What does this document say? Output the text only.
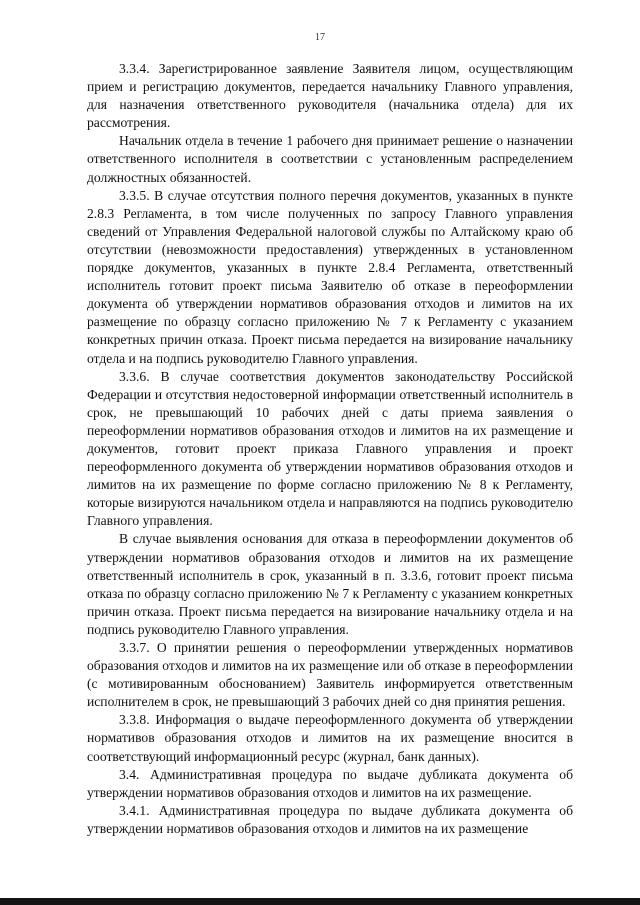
17

3.3.4. Зарегистрированное заявление Заявителя лицом, осуществляющим прием и регистрацию документов, передается начальнику Главного управления, для назначения ответственного руководителя (начальника отдела) для их рассмотрения.

Начальник отдела в течение 1 рабочего дня принимает решение о назначении ответственного исполнителя в соответствии с установленным распределением должностных обязанностей.

3.3.5. В случае отсутствия полного перечня документов, указанных в пункте 2.8.3 Регламента, в том числе полученных по запросу Главного управления сведений от Управления Федеральной налоговой службы по Алтайскому краю об отсутствии (невозможности предоставления) утвержденных в установленном порядке документов, указанных в пункте 2.8.4 Регламента, ответственный исполнитель готовит проект письма Заявителю об отказе в переоформлении документа об утверждении нормативов образования отходов и лимитов на их размещение по образцу согласно приложению № 7 к Регламенту с указанием конкретных причин отказа. Проект письма передается на визирование начальнику отдела и на подпись руководителю Главного управления.

3.3.6. В случае соответствия документов законодательству Российской Федерации и отсутствия недостоверной информации ответственный исполнитель в срок, не превышающий 10 рабочих дней с даты приема заявления о переоформлении нормативов образования отходов и лимитов на их размещение и документов, готовит проект приказа Главного управления и проект переоформленного документа об утверждении нормативов образования отходов и лимитов на их размещение по форме согласно приложению № 8 к Регламенту, которые визируются начальником отдела и направляются на подпись руководителю Главного управления.

В случае выявления основания для отказа в переоформлении документов об утверждении нормативов образования отходов и лимитов на их размещение ответственный исполнитель в срок, указанный в п. 3.3.6, готовит проект письма отказа по образцу согласно приложению № 7 к Регламенту с указанием конкретных причин отказа. Проект письма передается на визирование начальнику отдела и на подпись руководителю Главного управления.

3.3.7. О принятии решения о переоформлении утвержденных нормативов образования отходов и лимитов на их размещение или об отказе в переоформлении (с мотивированным обоснованием) Заявитель информируется ответственным исполнителем в срок, не превышающий 3 рабочих дней со дня принятия решения.

3.3.8. Информация о выдаче переоформленного документа об утверждении нормативов образования отходов и лимитов на их размещение вносится в соответствующий информационный ресурс (журнал, банк данных).

3.4. Административная процедура по выдаче дубликата документа об утверждении нормативов образования отходов и лимитов на их размещение.

3.4.1. Административная процедура по выдаче дубликата документа об утверждении нормативов образования отходов и лимитов на их размещение
